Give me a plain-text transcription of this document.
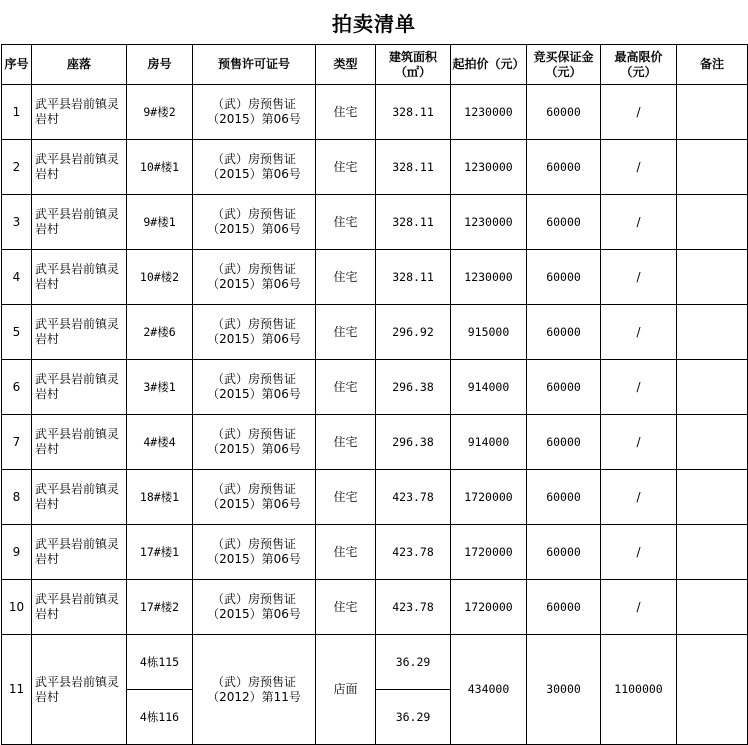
拍卖清单
序号	座落	房号	预售许可证号	类型	建筑面积（㎡）	起拍价（元）	竞买保证金（元）	最高限价（元）	备注
1	武平县岩前镇灵岩村	9#楼2	（武）房预售证（2015）第06号	住宅	328.11	1230000	60000	/	
2	武平县岩前镇灵岩村	10#楼1	（武）房预售证（2015）第06号	住宅	328.11	1230000	60000	/	
3	武平县岩前镇灵岩村	9#楼1	（武）房预售证（2015）第06号	住宅	328.11	1230000	60000	/	
4	武平县岩前镇灵岩村	10#楼2	（武）房预售证（2015）第06号	住宅	328.11	1230000	60000	/	
5	武平县岩前镇灵岩村	2#楼6	（武）房预售证（2015）第06号	住宅	296.92	915000	60000	/	
6	武平县岩前镇灵岩村	3#楼1	（武）房预售证（2015）第06号	住宅	296.38	914000	60000	/	
7	武平县岩前镇灵岩村	4#楼4	（武）房预售证（2015）第06号	住宅	296.38	914000	60000	/	
8	武平县岩前镇灵岩村	18#楼1	（武）房预售证（2015）第06号	住宅	423.78	1720000	60000	/	
9	武平县岩前镇灵岩村	17#楼1	（武）房预售证（2015）第06号	住宅	423.78	1720000	60000	/	
10	武平县岩前镇灵岩村	17#楼2	（武）房预售证（2015）第06号	住宅	423.78	1720000	60000	/	
11	武平县岩前镇灵岩村	4栋115	（武）房预售证（2012）第11号	店面	36.29	434000	30000	1100000	
		4栋116			36.29				
